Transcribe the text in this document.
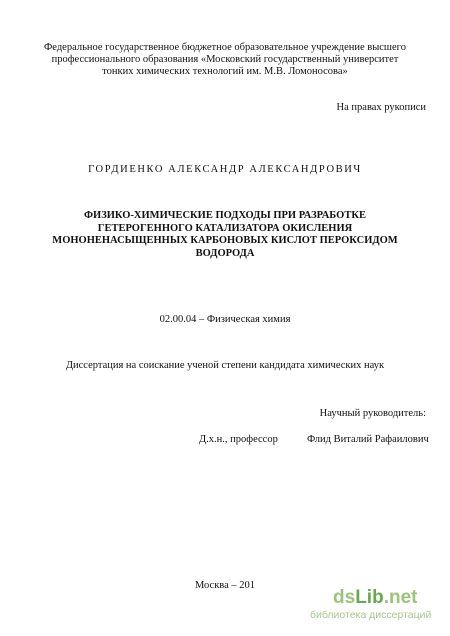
Федеральное государственное бюджетное образовательное учреждение высшего
профессионального образования «Московский государственный университет
тонких химических технологий им. М.В. Ломоносова»
На правах рукописи
ГОРДИЕНКО АЛЕКСАНДР АЛЕКСАНДРОВИЧ
ФИЗИКО-ХИМИЧЕСКИЕ ПОДХОДЫ ПРИ РАЗРАБОТКЕ
ГЕТЕРОГЕННОГО КАТАЛИЗАТОРА ОКИСЛЕНИЯ
МОНОНЕНАСЫЩЕННЫХ КАРБОНОВЫХ КИСЛОТ ПЕРОКСИДОМ
ВОДОРОДА
02.00.04 – Физическая химия
Диссертация на соискание ученой степени кандидата химических наук
Научный руководитель:
Д.х.н., профессор	Флид Виталий Рафаилович
Москва – 201
dsLib.net
библиотека диссертаций
